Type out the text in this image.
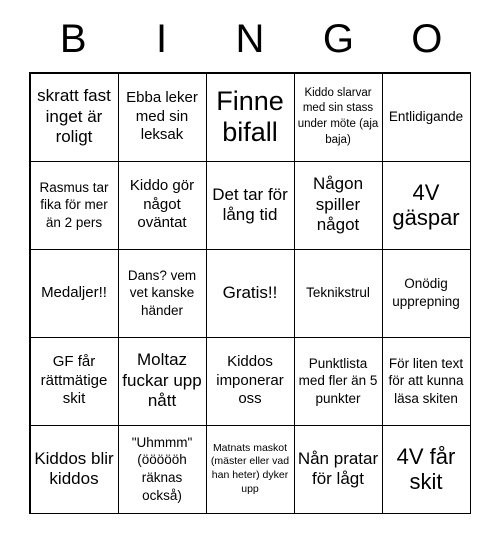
B	I	N	G	O
skratt fast inget är roligt
Ebba leker med sin leksak
Finne bifall
Kiddo slarvar med sin stass under möte (aja baja)
Entlidigande
Rasmus tar fika för mer än 2 pers
Kiddo gör något oväntat
Det tar för lång tid
Någon spiller något
4V gäspar
Medaljer!!
Dans? vem vet kanske händer
Gratis!!	Teknikstrul
Onödig upprepning
GF får rättmätige skit
Moltaz fuckar upp nått
Kiddos imponerar oss
Punktlista med fler än 5 punkter
För liten text för att kunna läsa skiten
Kiddos blir kiddos
"Uhmmm" (öööööh räknas också)
Matnats maskot (mäster eller vad han heter) dyker upp
Nån pratar för lågt
4V får skit
